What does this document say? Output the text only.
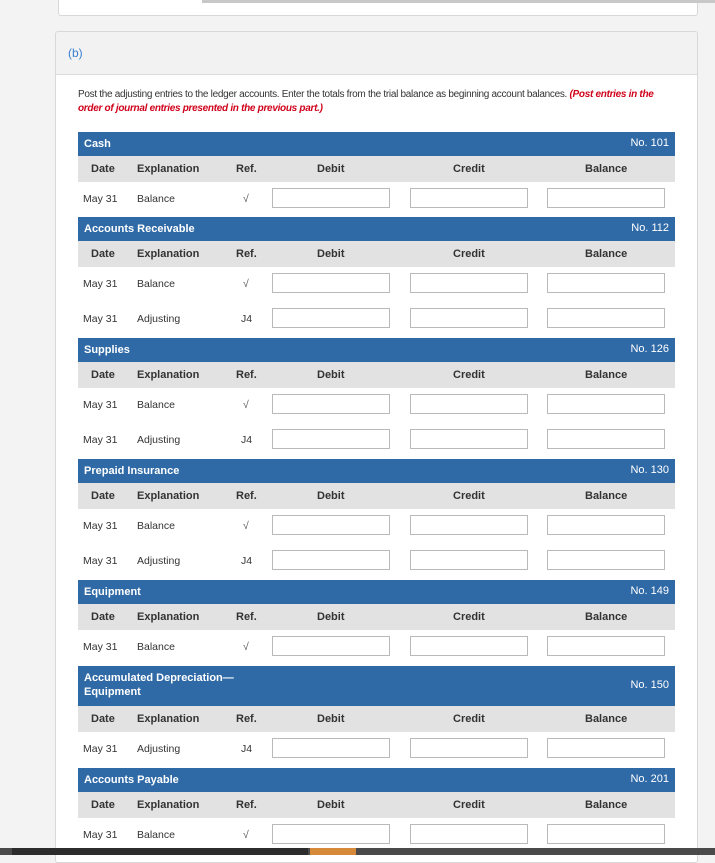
(b)
Post the adjusting entries to the ledger accounts. Enter the totals from the trial balance as beginning account balances. (Post entries in the order of journal entries presented in the previous part.)
Cash	No. 101
Date Explanation	Ref.	Debit	Credit	Balance
May 31 Balance	√
Accounts Receivable	No. 112
Date Explanation	Ref.	Debit	Credit	Balance
May 31 Balance	√
May 31 Adjusting	J4
Supplies	No. 126
Date Explanation	Ref.	Debit	Credit	Balance
May 31 Balance	√
May 31 Adjusting	J4
Prepaid Insurance	No. 130
Date Explanation	Ref.	Debit	Credit	Balance
May 31 Balance	√
May 31 Adjusting	J4
Equipment	No. 149
Date Explanation	Ref.	Debit	Credit	Balance
May 31 Balance	√
Accumulated Depreciation—Equipment
No. 150
Date Explanation	Ref.	Debit	Credit	Balance
May 31 Adjusting	J4
Accounts Payable	No. 201
Date Explanation	Ref.	Debit	Credit	Balance
May 31 Balance	√
